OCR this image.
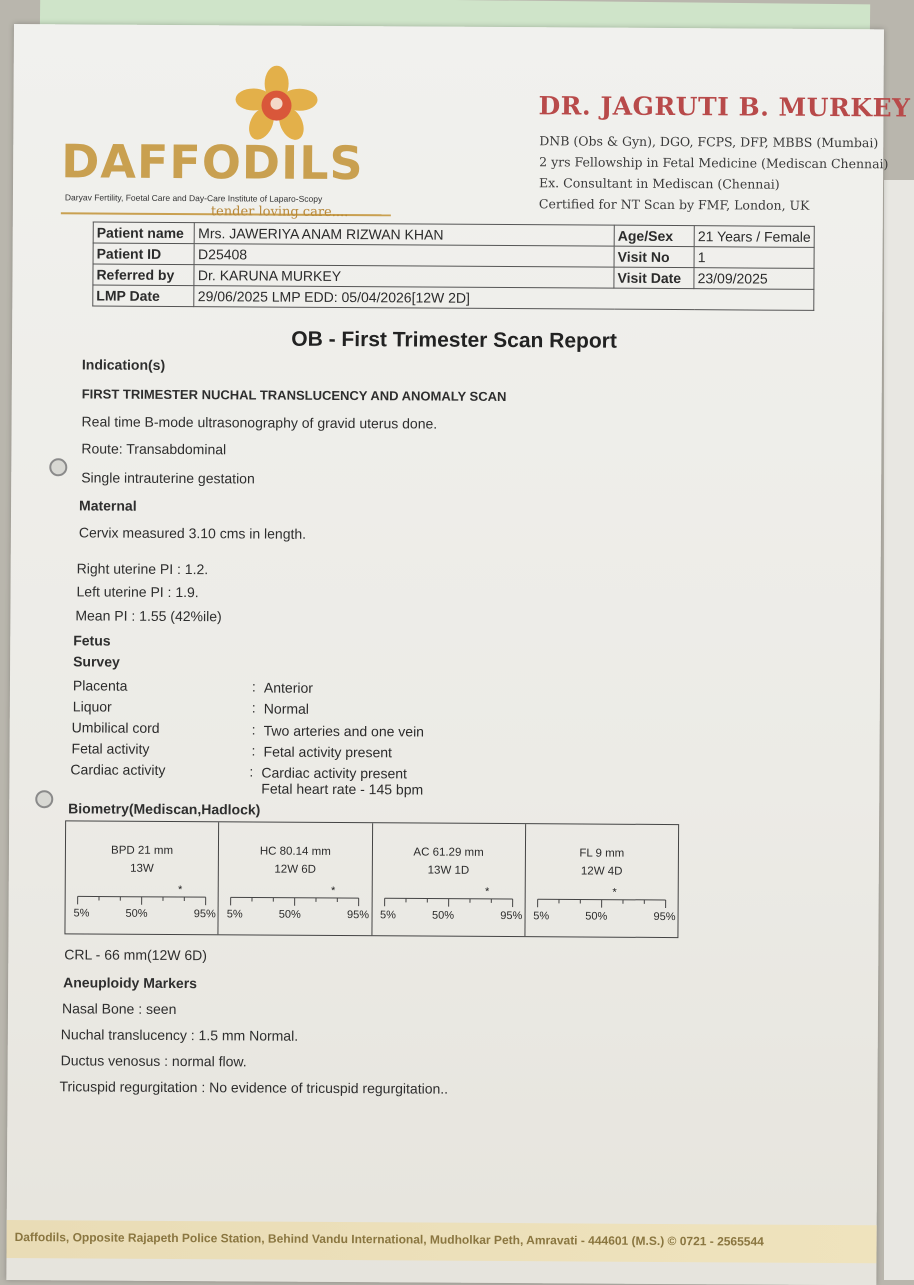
DAFFODILS
Daryav Fertility, Foetal Care and Day-Care Institute of Laparo-Scopy
tender loving care....
DR. JAGRUTI B. MURKEY
DNB (Obs & Gyn), DGO, FCPS, DFP, MBBS (Mumbai)
2 yrs Fellowship in Fetal Medicine (Mediscan Chennai)
Ex. Consultant in Mediscan (Chennai)
Certified for NT Scan by FMF, London, UK
Patient name	Mrs. JAWERIYA ANAM RIZWAN KHAN	Age/Sex	21 Years / Female
Patient ID	D25408	Visit No	1
Referred by	Dr. KARUNA MURKEY	Visit Date	23/09/2025
LMP Date	29/06/2025 LMP EDD: 05/04/2026[12W 2D]		
OB - First Trimester Scan Report
Indication(s)
FIRST TRIMESTER NUCHAL TRANSLUCENCY AND ANOMALY SCAN
Real time B-mode ultrasonography of gravid uterus done.
Route: Transabdominal
Single intrauterine gestation
Maternal
Cervix measured 3.10 cms in length.
Right uterine PI : 1.2.
Left uterine PI : 1.9.
Mean PI : 1.55 (42%ile)
Fetus
Survey
Placenta	: Anterior
Liquor	: Normal
Umbilical cord	: Two arteries and one vein
Fetal activity	: Fetal activity present
Cardiac activity	: Cardiac activity present
Fetal heart rate - 145 bpm
Biometry(Mediscan,Hadlock)
BPD 21 mm
13W
*
5%	50%	95%
HC 80.14 mm
12W 6D
*
5%	50%	95%
AC 61.29 mm
13W 1D
*
5%	50%	95%
FL 9 mm
12W 4D
*
5%	50%	95%
CRL - 66 mm(12W 6D)
Aneuploidy Markers
Nasal Bone : seen
Nuchal translucency : 1.5 mm Normal.
Ductus venosus : normal flow.
Tricuspid regurgitation : No evidence of tricuspid regurgitation..
Daffodils, Opposite Rajapeth Police Station, Behind Vandu International, Mudholkar Peth, Amravati - 444601 (M.S.) © 0721 - 2565544
